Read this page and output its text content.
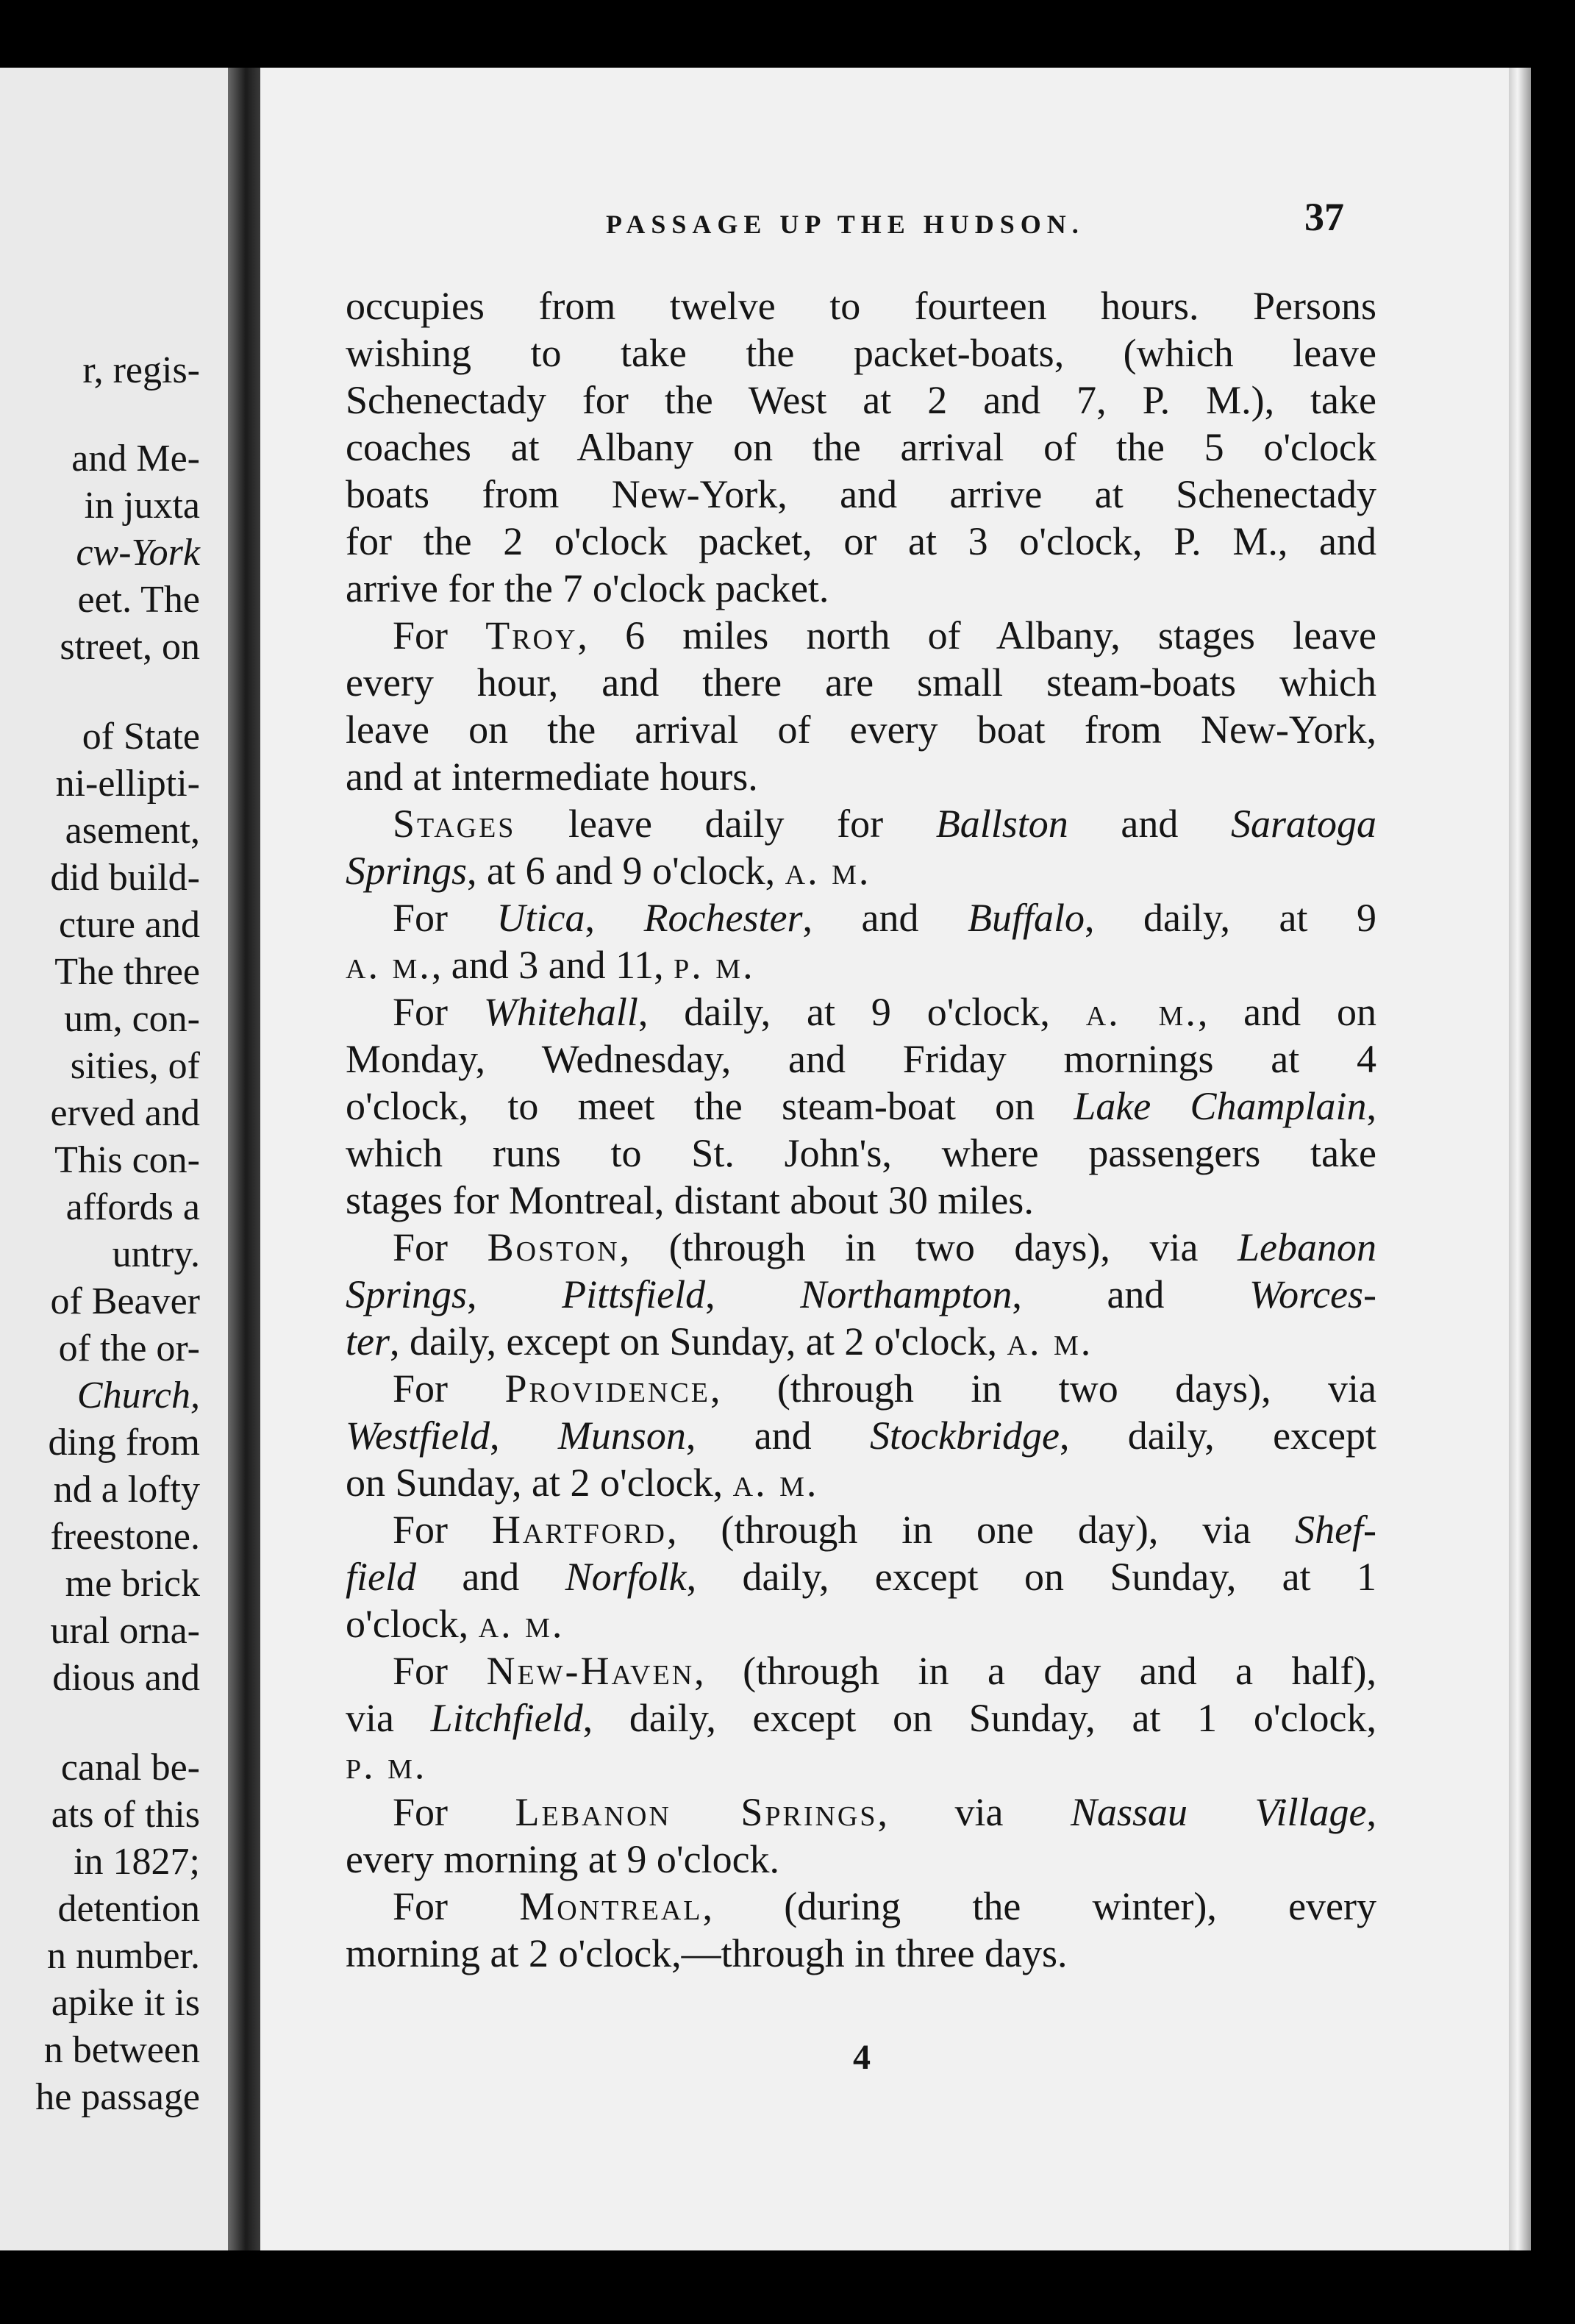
r, regis-
and Me-
in juxta
cw-York
eet. The
street, on
of State
ni-ellipti-
asement,
did build-
cture and
The three
um, con-
sities, of
erved and
This con-
affords a
untry.
of Beaver
of the or-
Church,
ding from
nd a lofty
freestone.
me brick
ural orna-
dious and
canal be-
ats of this
in 1827;
detention
n number.
apike it is
n between
he passage
PASSAGE UP THE HUDSON.	37
occupies from twelve to fourteen hours. Persons
wishing to take the packet-boats, (which leave
Schenectady for the West at 2 and 7, P. M.), take
coaches at Albany on the arrival of the 5 o'clock
boats from New-York, and arrive at Schenectady
for the 2 o'clock packet, or at 3 o'clock, P. M., and
arrive for the 7 o'clock packet.
For Troy, 6 miles north of Albany, stages leave
every hour, and there are small steam-boats which
leave on the arrival of every boat from New-York,
and at intermediate hours.
Stages leave daily for Ballston and Saratoga
Springs, at 6 and 9 o'clock, a. m.
For Utica, Rochester, and Buffalo, daily, at 9
a. m., and 3 and 11, p. m.
For Whitehall, daily, at 9 o'clock, a. m., and on
Monday, Wednesday, and Friday mornings at 4
o'clock, to meet the steam-boat on Lake Champlain,
which runs to St. John's, where passengers take
stages for Montreal, distant about 30 miles.
For Boston, (through in two days), via Lebanon
Springs, Pittsfield, Northampton, and Worces-
ter, daily, except on Sunday, at 2 o'clock, a. m.
For Providence, (through in two days), via
Westfield, Munson, and Stockbridge, daily, except
on Sunday, at 2 o'clock, a. m.
For Hartford, (through in one day), via Shef-
field and Norfolk, daily, except on Sunday, at 1
o'clock, a. m.
For New-Haven, (through in a day and a half),
via Litchfield, daily, except on Sunday, at 1 o'clock,
p. m.
For Lebanon Springs, via Nassau Village,
every morning at 9 o'clock.
For Montreal, (during the winter), every
morning at 2 o'clock,—through in three days.
4
